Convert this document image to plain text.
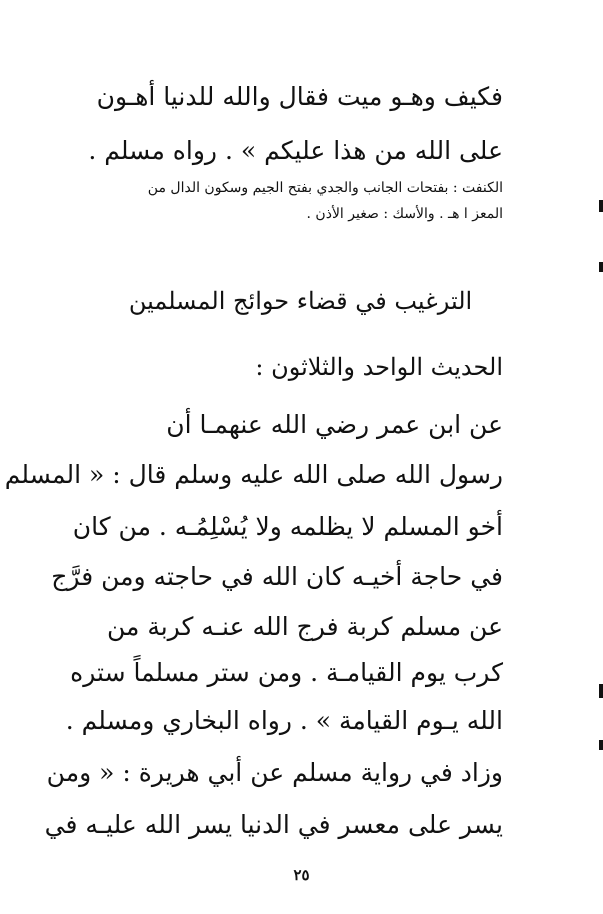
فكيف وهـو ميت فقال والله للدنيا أهـون
على الله من هذا عليكم » . رواه مسلم .
الكنفت : بفتحات الجانب والجدي بفتح الجيم وسكون الدال من
المعز ا هـ . والأسك : صغير الأذن .
الترغيب في قضاء حوائج المسلمين
الحديث الواحد والثلاثون :
عن ابن عمر رضي الله عنهمـا أن
رسول الله صلى الله عليه وسلم قال : « المسلم
أخو المسلم لا يظلمه ولا يُسْلِمُـه . من كان
في حاجة أخيـه كان الله في حاجته ومن فرَّج
عن مسلم كربة فرج الله عنـه كربة من
كرب يوم القيامـة . ومن ستر مسلماً ستره
الله يـوم القيامة » . رواه البخاري ومسلم .
وزاد في رواية مسلم عن أبي هريرة : « ومن
يسر على معسر في الدنيا يسر الله عليـه في
٢٥
